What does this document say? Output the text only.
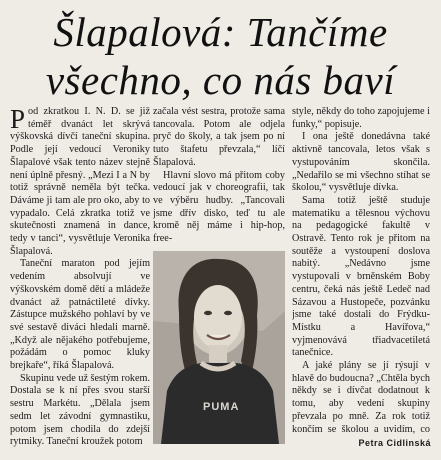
Šlapalová: Tančíme
všechno, co nás baví

Pod zkratkou I. N. D. se již téměř dvanáct let skrývá výškovská dívčí taneční skupina. Podle její vedoucí Veroniky Šlapalové však tento název stejně není úplně přesný. „Mezi I a N by totiž správně neměla být tečka. Dáváme ji tam ale pro oko, aby to vypadalo. Celá zkratka totiž ve skutečnosti znamená in dance, tedy v tanci“, vysvětluje Veronika Šlapalová.

Taneční maraton pod jejím vedením absolvují ve výškovském domě dětí a mládeže dvanáct až patnáctileté dívky. Zástupce mužského pohlaví by ve své sestavě diváci hledali marně. „Když ale nějakého potřebujeme, požádám o pomoc kluky brejkaře“, říká Šlapalová.

Skupinu vede už šestým rokem. Dostala se k ní přes svou starší sestru Markétu. „Dělala jsem sedm let závodní gymnastiku, potom jsem chodila do zdejší rytmiky. Taneční kroužek potom

začala vést sestra, protože sama tancovala. Potom ale odjela pryč do školy, a tak jsem po ní tuto štafetu převzala,“ líčí Šlapalová.

Hlavní slovo má přitom coby vedoucí jak v choreografii, tak ve výběru hudby. „Tancovali jsme dřív disko, teď tu ale kromě něj máme i hip-hop, free-

style, někdy do toho zapojujeme i funky,“ popisuje.

I ona ještě donedávna také aktivně tancovala, letos však s vystupováním skončila. „Nedařilo se mi všechno stíhat se školou,“ vysvětluje dívka.

Sama totiž ještě studuje matematiku a tělesnou výchovu na pedagogické fakultě v Ostravě. Tento rok je přitom na soutěže a vystoupení doslova nabitý. „Nedávno jsme vystupovali v brněnském Boby centru, čeká nás ještě Ledeč nad Sázavou a Hustopeče, pozvánku jsme také dostali do Frýdku-Místku a Havířova,“ vyjmenovává třiadvacetiletá tanečnice.

A jaké plány se jí rýsují v hlavě do budoucna? „Chtěla bych někdy se i dívčat dodatnout k tomu, aby vedení skupiny převzala po mně. Za rok totiž končím se školou a uvidím, co

PUMA
Petra Cidlinská
